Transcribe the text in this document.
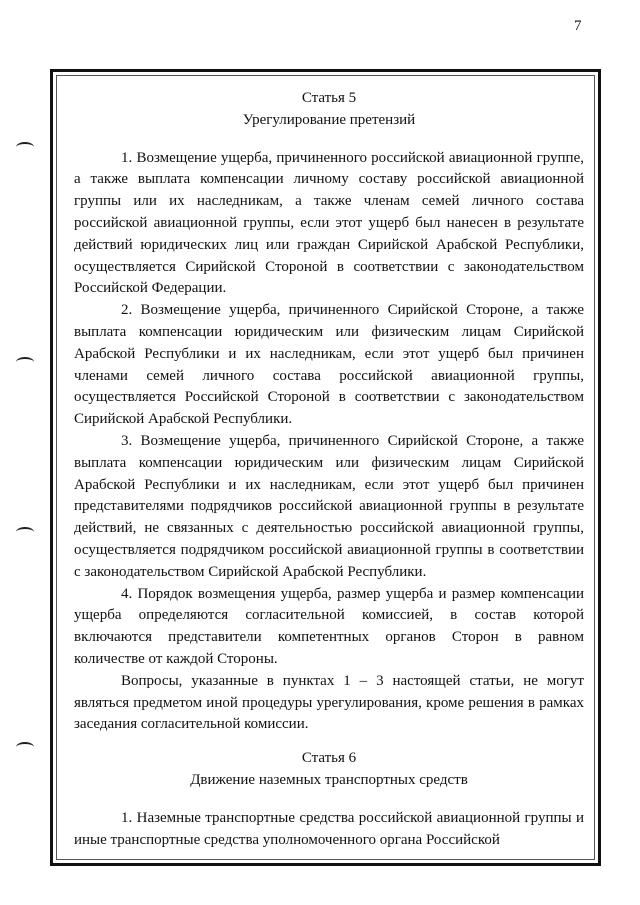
7

Статья 5

Урегулирование претензий

1. Возмещение ущерба, причиненного российской авиационной группе, а также выплата компенсации личному составу российской авиационной группы или их наследникам, а также членам семей личного состава российской авиационной группы, если этот ущерб был нанесен в результате действий юридических лиц или граждан Сирийской Арабской Республики, осуществляется Сирийской Стороной в соответствии с законодательством Российской Федерации.

2. Возмещение ущерба, причиненного Сирийской Стороне, а также выплата компенсации юридическим или физическим лицам Сирийской Арабской Республики и их наследникам, если этот ущерб был причинен членами семей личного состава российской авиационной группы, осуществляется Российской Стороной в соответствии с законодательством Сирийской Арабской Республики.

3. Возмещение ущерба, причиненного Сирийской Стороне, а также выплата компенсации юридическим или физическим лицам Сирийской Арабской Республики и их наследникам, если этот ущерб был причинен представителями подрядчиков российской авиационной группы в результате действий, не связанных с деятельностью российской авиационной группы, осуществляется подрядчиком российской авиационной группы в соответствии с законодательством Сирийской Арабской Республики.

4. Порядок возмещения ущерба, размер ущерба и размер компенсации ущерба определяются согласительной комиссией, в состав которой включаются представители компетентных органов Сторон в равном количестве от каждой Стороны.

Вопросы, указанные в пунктах 1 – 3 настоящей статьи, не могут являться предметом иной процедуры урегулирования, кроме решения в рамках заседания согласительной комиссии.

Статья 6

Движение наземных транспортных средств

1. Наземные транспортные средства российской авиационной группы и иные транспортные средства уполномоченного органа Российской
